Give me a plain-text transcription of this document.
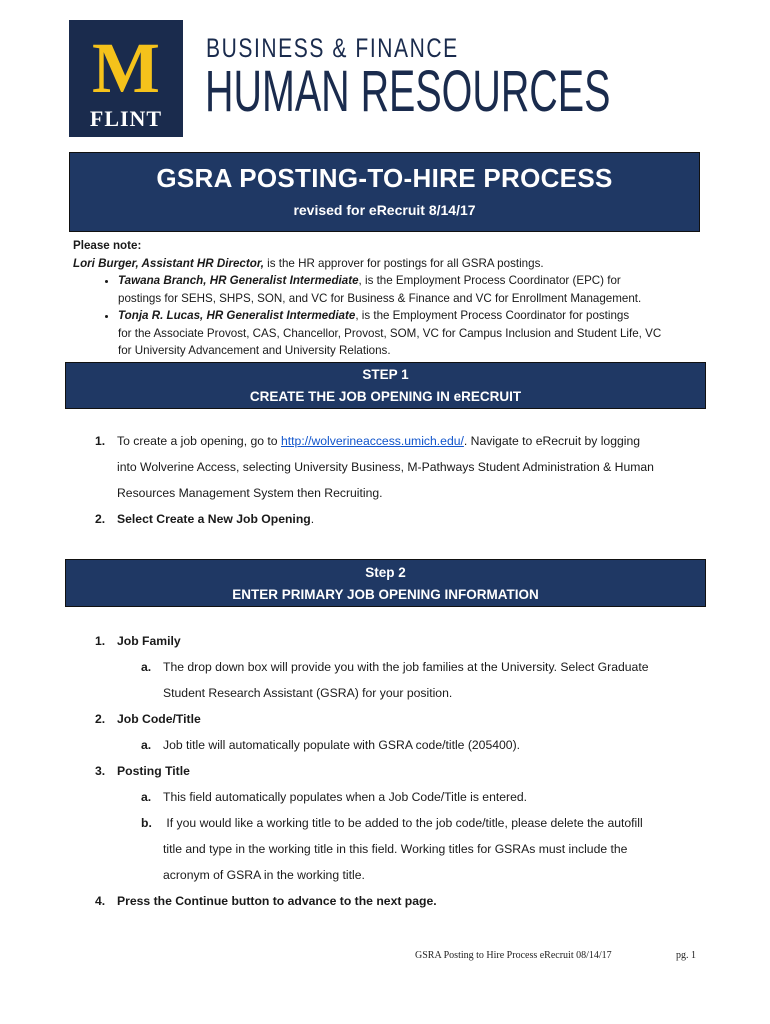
M
FLINT
BUSINESS & FINANCE
HUMAN RESOURCES
GSRA POSTING-TO-HIRE PROCESS
revised for eRecruit 8/14/17
Please note:
Lori Burger, Assistant HR Director, is the HR approver for postings for all GSRA postings.
• Tawana Branch, HR Generalist Intermediate, is the Employment Process Coordinator (EPC) for
postings for SEHS, SHPS, SON, and VC for Business & Finance and VC for Enrollment Management.
• Tonja R. Lucas, HR Generalist Intermediate, is the Employment Process Coordinator for postings
for the Associate Provost, CAS, Chancellor, Provost, SOM, VC for Campus Inclusion and Student Life, VC
for University Advancement and University Relations.
STEP 1
CREATE THE JOB OPENING IN eRECRUIT
1. To create a job opening, go to http://wolverineaccess.umich.edu/. Navigate to eRecruit by logging
into Wolverine Access, selecting University Business, M-Pathways Student Administration & Human
Resources Management System then Recruiting.
2. Select Create a New Job Opening.
Step 2
ENTER PRIMARY JOB OPENING INFORMATION
1. Job Family
a. The drop down box will provide you with the job families at the University. Select Graduate
Student Research Assistant (GSRA) for your position.
2. Job Code/Title
a. Job title will automatically populate with GSRA code/title (205400).
3. Posting Title
a. This field automatically populates when a Job Code/Title is entered.
b. If you would like a working title to be added to the job code/title, please delete the autofill
title and type in the working title in this field. Working titles for GSRAs must include the
acronym of GSRA in the working title.
4. Press the Continue button to advance to the next page.
GSRA Posting to Hire Process eRecruit 08/14/17	pg. 1
